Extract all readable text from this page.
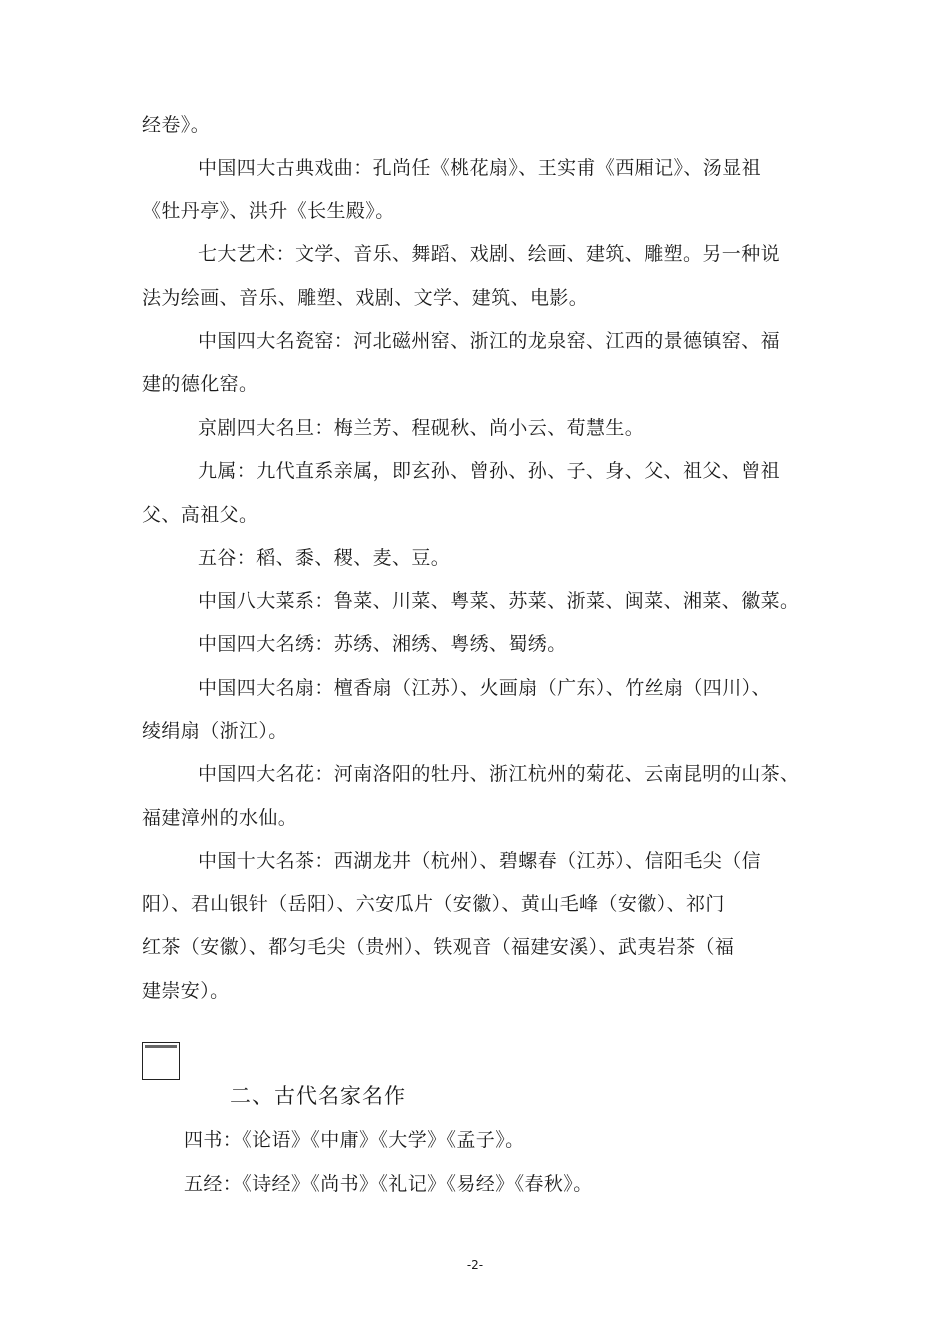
经卷》。
中国四大古典戏曲：孔尚任《桃花扇》、王实甫《西厢记》、汤显祖
《牡丹亭》、洪升《长生殿》。
七大艺术：文学、音乐、舞蹈、戏剧、绘画、建筑、雕塑。另一种说
法为绘画、音乐、雕塑、戏剧、文学、建筑、电影。
中国四大名瓷窑：河北磁州窑、浙江的龙泉窑、江西的景德镇窑、福
建的德化窑。
京剧四大名旦：梅兰芳、程砚秋、尚小云、荀慧生。
九属：九代直系亲属，即玄孙、曾孙、孙、子、身、父、祖父、曾祖
父、高祖父。
五谷：稻、黍、稷、麦、豆。
中国八大菜系：鲁菜、川菜、粤菜、苏菜、浙菜、闽菜、湘菜、徽菜。
中国四大名绣：苏绣、湘绣、粤绣、蜀绣。
中国四大名扇：檀香扇（江苏）、火画扇（广东）、竹丝扇（四川）、
绫绢扇（浙江）。
中国四大名花：河南洛阳的牡丹、浙江杭州的菊花、云南昆明的山茶、
福建漳州的水仙。
中国十大名茶：西湖龙井（杭州）、碧螺春（江苏）、信阳毛尖（信
阳）、君山银针（岳阳）、六安瓜片（安徽）、黄山毛峰（安徽）、祁门
红茶（安徽）、都匀毛尖（贵州）、铁观音（福建安溪）、武夷岩茶（福
建崇安）。
二、古代名家名作
四书：《论语》《中庸》《大学》《孟子》。
五经：《诗经》《尚书》《礼记》《易经》《春秋》。
-2-
